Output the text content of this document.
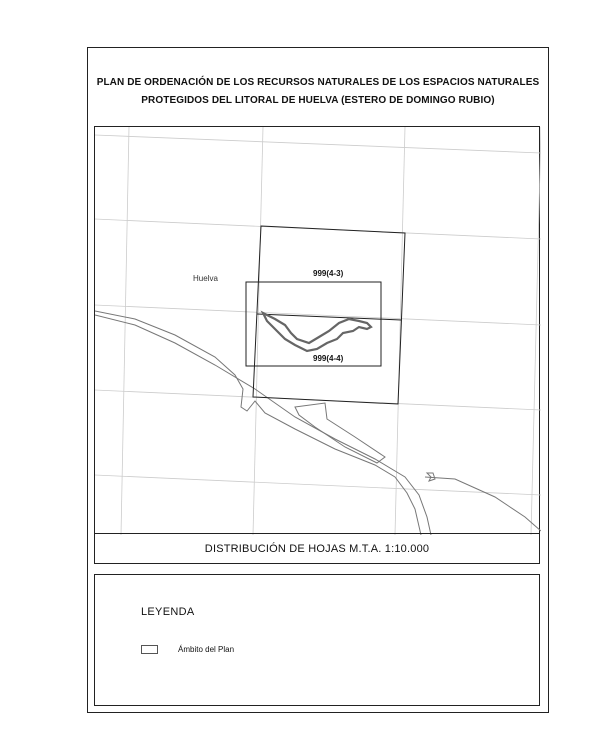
PLAN DE ORDENACIÓN DE LOS RECURSOS NATURALES DE LOS ESPACIOS NATURALES
PROTEGIDOS DEL LITORAL DE HUELVA (ESTERO DE DOMINGO RUBIO)
Huelva
999(4-3)
999(4-4)
DISTRIBUCIÓN DE HOJAS M.T.A. 1:10.000
LEYENDA
Ámbito del Plan
